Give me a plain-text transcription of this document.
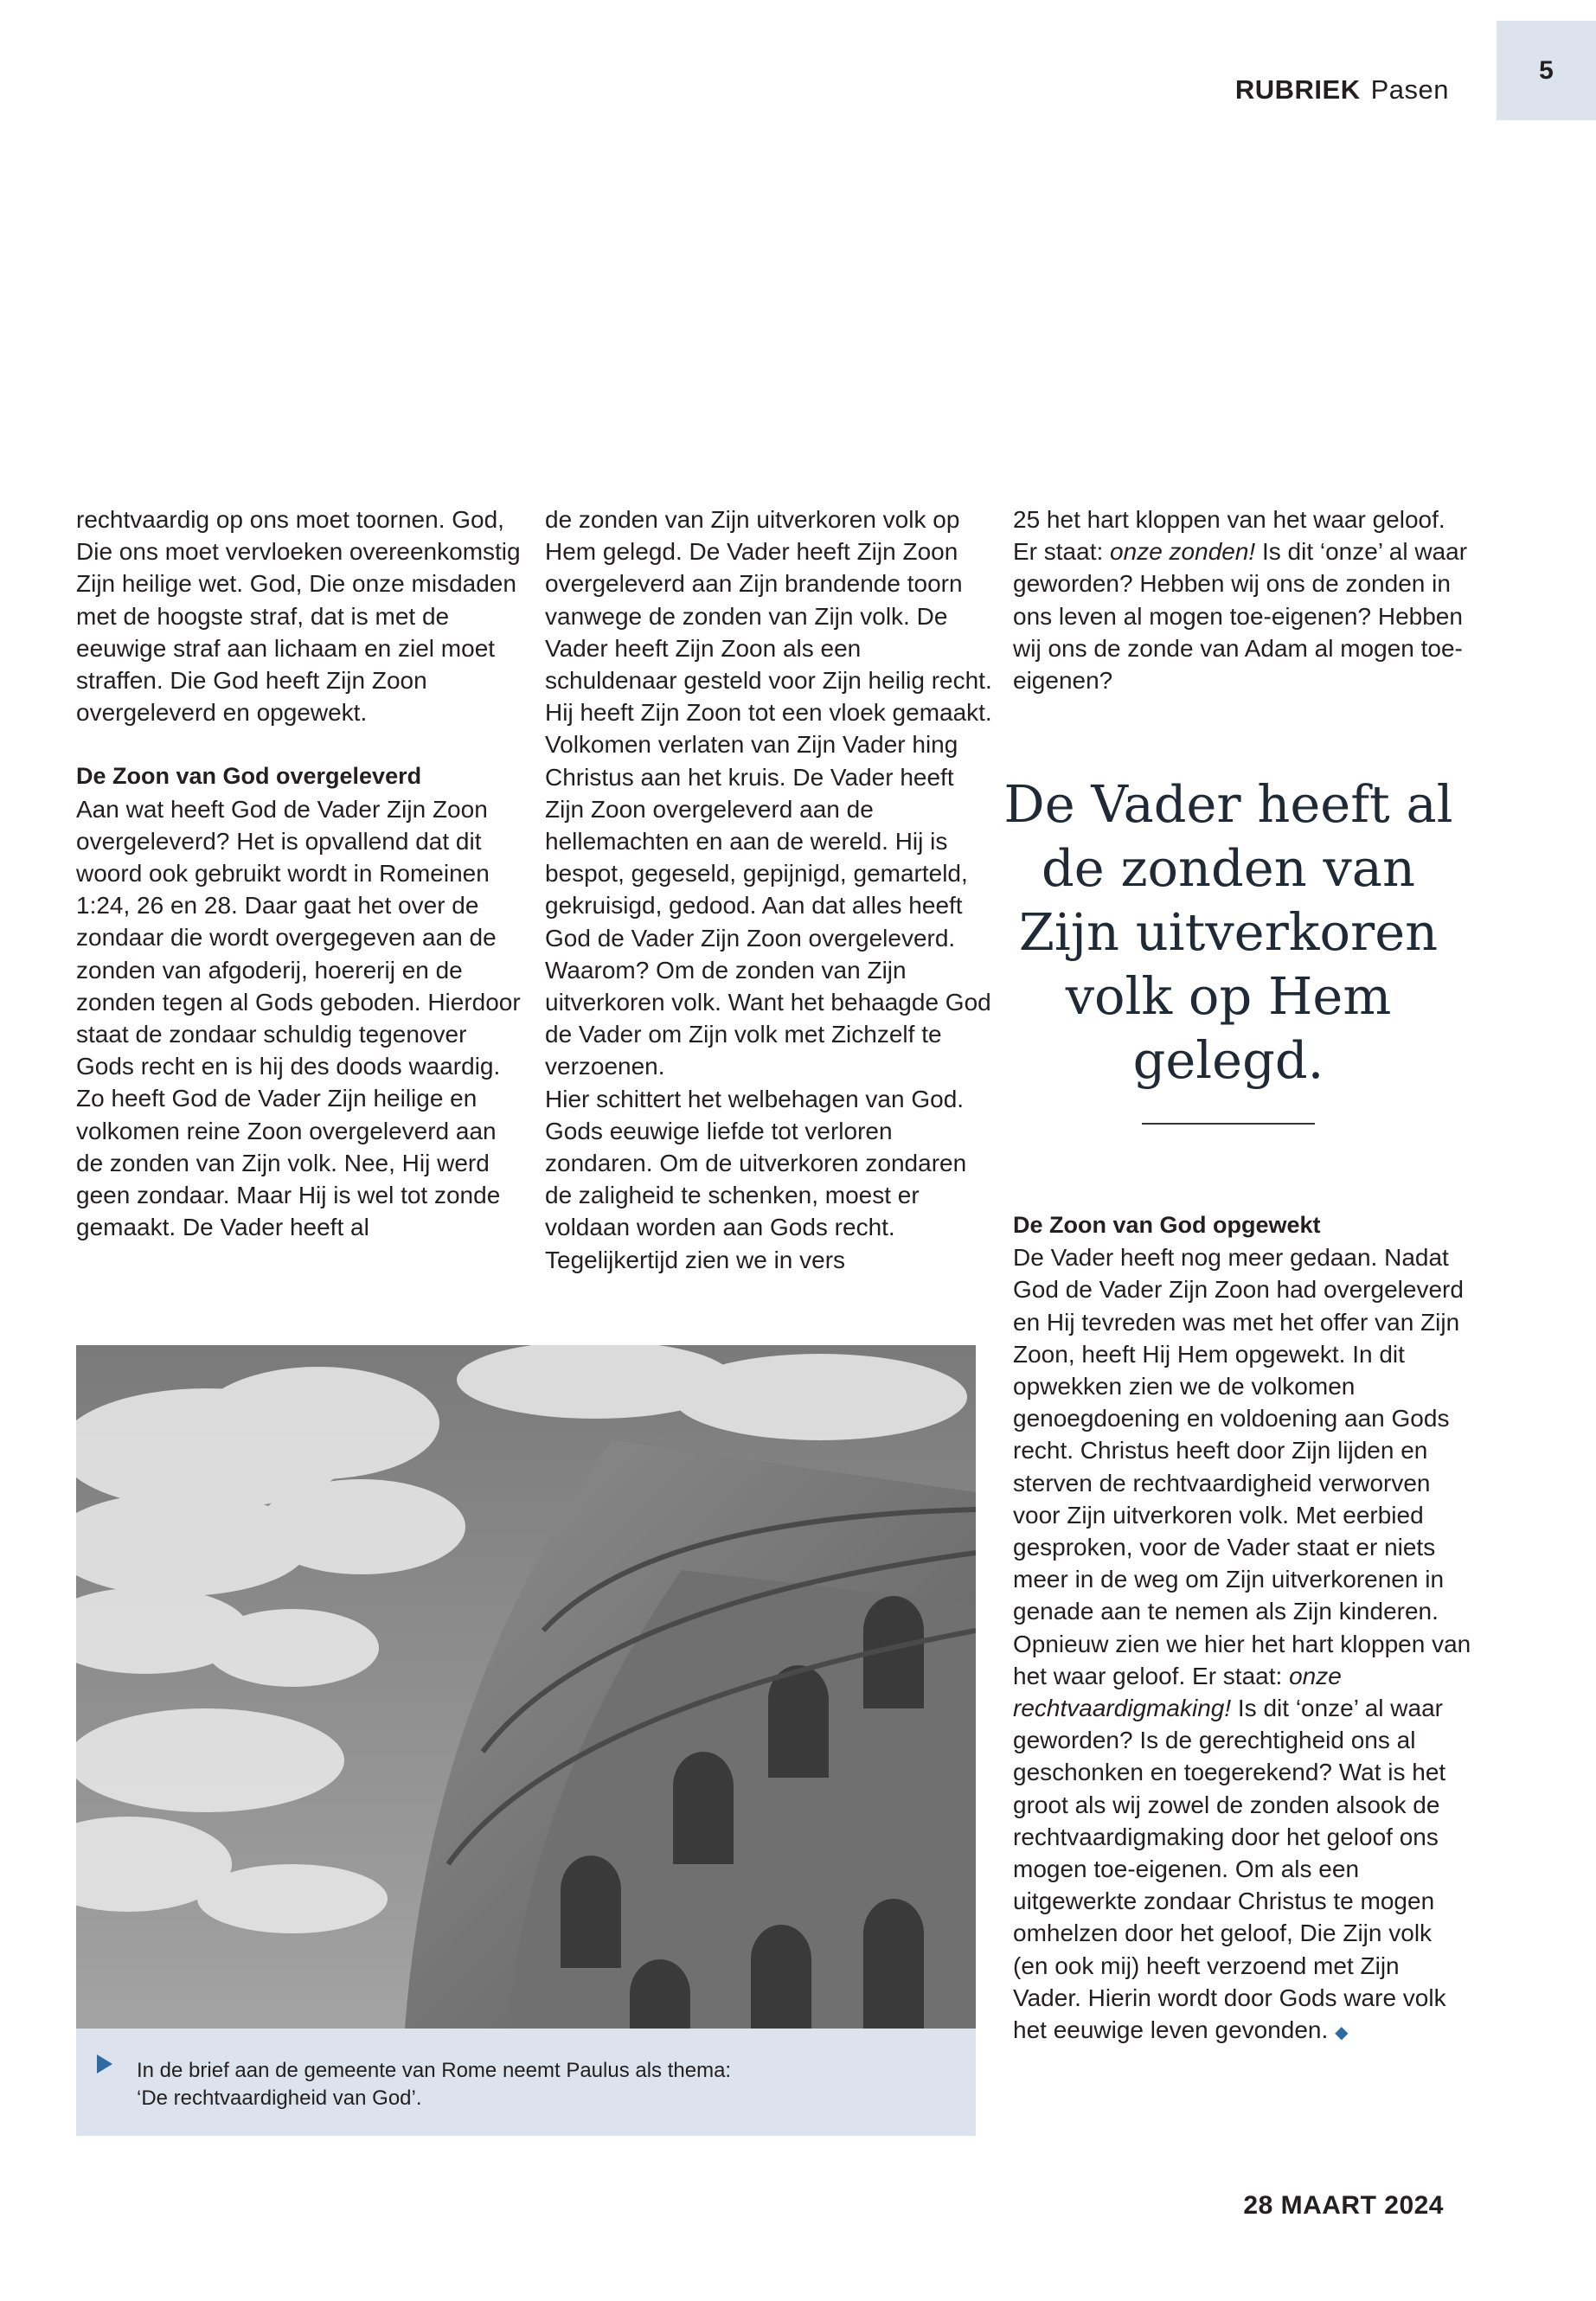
RUBRIEK Pasen
5

rechtvaardig op ons moet toornen. God, Die ons moet vervloeken overeenkomstig Zijn heilige wet. God, Die onze misdaden met de hoogste straf, dat is met de eeuwige straf aan lichaam en ziel moet straffen. Die God heeft Zijn Zoon overgeleverd en opgewekt.

De Zoon van God overgeleverd

Aan wat heeft God de Vader Zijn Zoon overgeleverd? Het is opvallend dat dit woord ook gebruikt wordt in Romeinen 1:24, 26 en 28. Daar gaat het over de zondaar die wordt overgegeven aan de zonden van afgoderij, hoererij en de zonden tegen al Gods geboden. Hierdoor staat de zondaar schuldig tegenover Gods recht en is hij des doods waardig.

Zo heeft God de Vader Zijn heilige en volkomen reine Zoon overgeleverd aan de zonden van Zijn volk. Nee, Hij werd geen zondaar. Maar Hij is wel tot zonde gemaakt. De Vader heeft al

de zonden van Zijn uitverkoren volk op Hem gelegd. De Vader heeft Zijn Zoon overgeleverd aan Zijn brandende toorn vanwege de zonden van Zijn volk. De Vader heeft Zijn Zoon als een schuldenaar gesteld voor Zijn heilig recht. Hij heeft Zijn Zoon tot een vloek gemaakt. Volkomen verlaten van Zijn Vader hing Christus aan het kruis. De Vader heeft Zijn Zoon overgeleverd aan de hellemachten en aan de wereld. Hij is bespot, gegeseld, gepijnigd, gemarteld, gekruisigd, gedood. Aan dat alles heeft God de Vader Zijn Zoon overgeleverd. Waarom? Om de zonden van Zijn uitverkoren volk. Want het behaagde God de Vader om Zijn volk met Zichzelf te verzoenen.

Hier schittert het welbehagen van God. Gods eeuwige liefde tot verloren zondaren. Om de uitverkoren zondaren de zaligheid te schenken, moest er voldaan worden aan Gods recht. Tegelijkertijd zien we in vers

25 het hart kloppen van het waar geloof. Er staat: onze zonden! Is dit ‘onze’ al waar geworden? Hebben wij ons de zonden in ons leven al mogen toe-eigenen? Hebben wij ons de zonde van Adam al mogen toe-eigenen?

De Vader heeft al de zonden van Zijn uitverkoren volk op Hem gelegd.
De Zoon van God opgewekt

De Vader heeft nog meer gedaan. Nadat God de Vader Zijn Zoon had overgeleverd en Hij tevreden was met het offer van Zijn Zoon, heeft Hij Hem opgewekt. In dit opwekken zien we de volkomen genoegdoening en voldoening aan Gods recht. Christus heeft door Zijn lijden en sterven de rechtvaardigheid verworven voor Zijn uitverkoren volk. Met eerbied gesproken, voor de Vader staat er niets meer in de weg om Zijn uitverkorenen in genade aan te nemen als Zijn kinderen.

Opnieuw zien we hier het hart kloppen van het waar geloof. Er staat: onze rechtvaardigmaking! Is dit ‘onze’ al waar geworden? Is de gerechtigheid ons al geschonken en toegerekend? Wat is het groot als wij zowel de zonden alsook de rechtvaardigmaking door het geloof ons mogen toe-eigenen. Om als een uitgewerkte zondaar Christus te mogen omhelzen door het geloof, Die Zijn volk (en ook mij) heeft verzoend met Zijn Vader. Hierin wordt door Gods ware volk het eeuwige leven gevonden. ◆

In de brief aan de gemeente van Rome neemt Paulus als thema:
‘De rechtvaardigheid van God’.
28 MAART 2024
